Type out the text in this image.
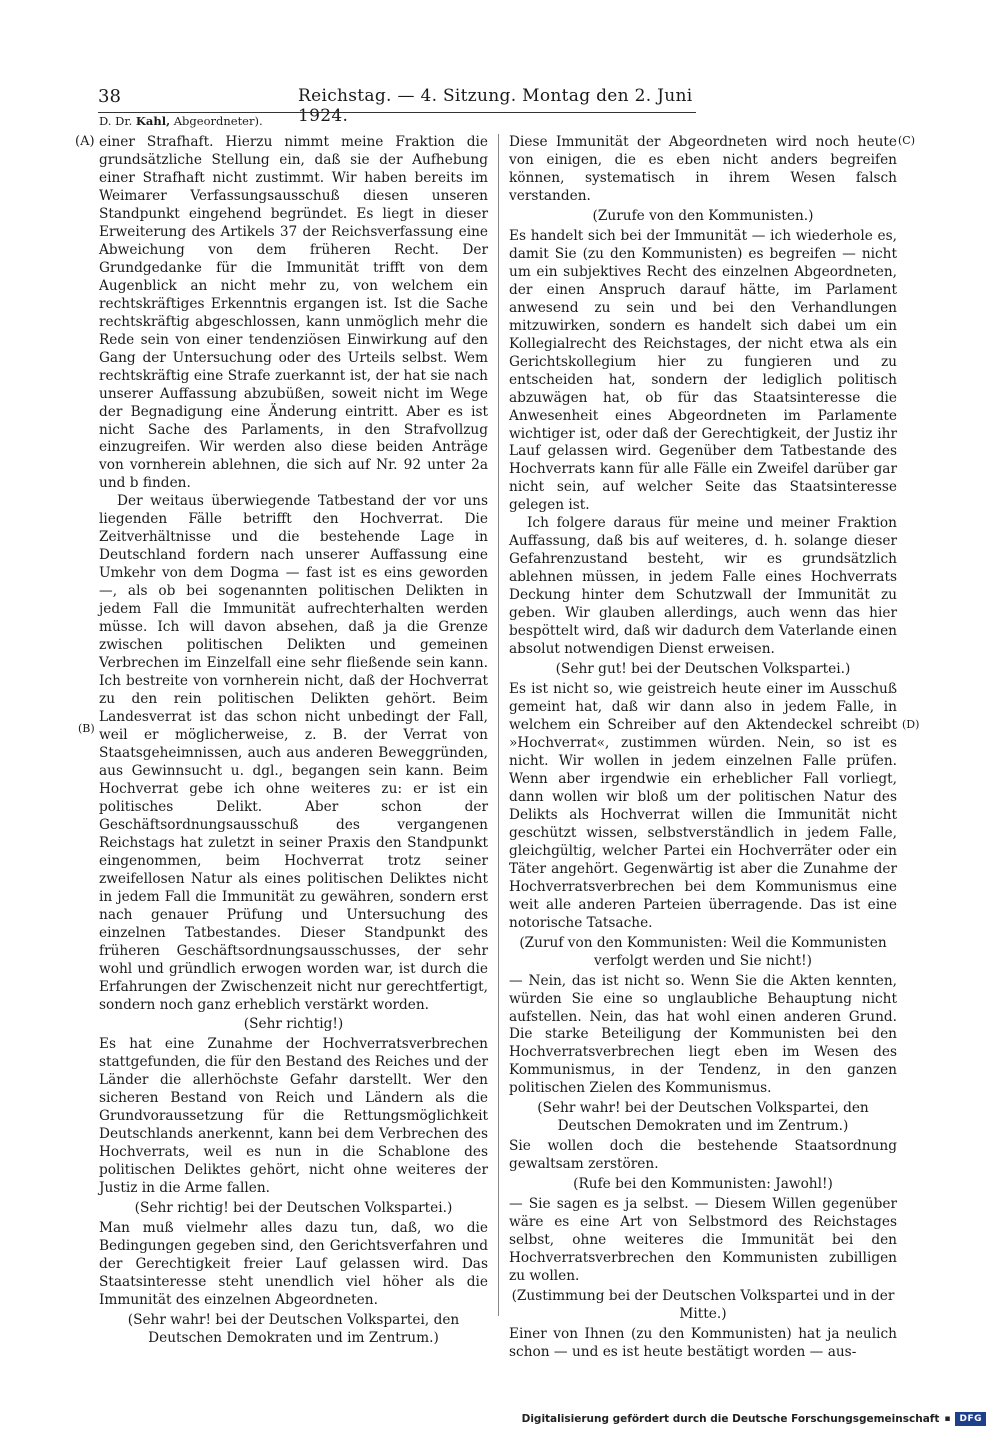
38	Reichstag. — 4. Sitzung. Montag den 2. Juni 1924.
D. Dr. Kahl, Abgeordneter).
(A)
(B)
(C)
(D)

einer Strafhaft. Hierzu nimmt meine Fraktion die grundsätzliche Stellung ein, daß sie der Aufhebung einer Strafhaft nicht zustimmt. Wir haben bereits im Weimarer Verfassungsausschuß diesen unseren Standpunkt eingehend begründet. Es liegt in dieser Erweiterung des Artikels 37 der Reichsverfassung eine Abweichung von dem früheren Recht. Der Grundgedanke für die Immunität trifft von dem Augenblick an nicht mehr zu, von welchem ein rechtskräftiges Erkenntnis ergangen ist. Ist die Sache rechtskräftig abgeschlossen, kann unmöglich mehr die Rede sein von einer tendenziösen Einwirkung auf den Gang der Untersuchung oder des Urteils selbst. Wem rechtskräftig eine Strafe zuerkannt ist, der hat sie nach unserer Auffassung abzubüßen, soweit nicht im Wege der Begnadigung eine Änderung eintritt. Aber es ist nicht Sache des Parlaments, in den Strafvollzug einzugreifen. Wir werden also diese beiden Anträge von vornherein ablehnen, die sich auf Nr. 92 unter 2a und b finden.

Der weitaus überwiegende Tatbestand der vor uns liegenden Fälle betrifft den Hochverrat. Die Zeitverhältnisse und die bestehende Lage in Deutschland fordern nach unserer Auffassung eine Umkehr von dem Dogma — fast ist es eins geworden —, als ob bei sogenannten politischen Delikten in jedem Fall die Immunität aufrechterhalten werden müsse. Ich will davon absehen, daß ja die Grenze zwischen politischen Delikten und gemeinen Verbrechen im Einzelfall eine sehr fließende sein kann. Ich bestreite von vornherein nicht, daß der Hochverrat zu den rein politischen Delikten gehört. Beim Landesverrat ist das schon nicht unbedingt der Fall, weil er möglicherweise, z. B. der Verrat von Staatsgeheimnissen, auch aus anderen Beweggründen, aus Gewinnsucht u. dgl., begangen sein kann. Beim Hochverrat gebe ich ohne weiteres zu: er ist ein politisches Delikt. Aber schon der Geschäftsordnungsausschuß des vergangenen Reichstags hat zuletzt in seiner Praxis den Standpunkt eingenommen, beim Hochverrat trotz seiner zweifellosen Natur als eines politischen Deliktes nicht in jedem Fall die Immunität zu gewähren, sondern erst nach genauer Prüfung und Untersuchung des einzelnen Tatbestandes. Dieser Standpunkt des früheren Geschäftsordnungsausschusses, der sehr wohl und gründlich erwogen worden war, ist durch die Erfahrungen der Zwischenzeit nicht nur gerechtfertigt, sondern noch ganz erheblich verstärkt worden.

(Sehr richtig!)

Es hat eine Zunahme der Hochverratsverbrechen stattgefunden, die für den Bestand des Reiches und der Länder die allerhöchste Gefahr darstellt. Wer den sicheren Bestand von Reich und Ländern als die Grundvoraussetzung für die Rettungsmöglichkeit Deutschlands anerkennt, kann bei dem Verbrechen des Hochverrats, weil es nun in die Schablone des politischen Deliktes gehört, nicht ohne weiteres der Justiz in die Arme fallen.

(Sehr richtig! bei der Deutschen Volkspartei.)

Man muß vielmehr alles dazu tun, daß, wo die Bedingungen gegeben sind, den Gerichtsverfahren und der Gerechtigkeit freier Lauf gelassen wird. Das Staatsinteresse steht unendlich viel höher als die Immunität des einzelnen Abgeordneten.

(Sehr wahr! bei der Deutschen Volkspartei, den Deutschen Demokraten und im Zentrum.)

Diese Immunität der Abgeordneten wird noch heute von einigen, die es eben nicht anders begreifen können, systematisch in ihrem Wesen falsch verstanden.

(Zurufe von den Kommunisten.)

Es handelt sich bei der Immunität — ich wiederhole es, damit Sie (zu den Kommunisten) es begreifen — nicht um ein subjektives Recht des einzelnen Abgeordneten, der einen Anspruch darauf hätte, im Parlament anwesend zu sein und bei den Verhandlungen mitzuwirken, sondern es handelt sich dabei um ein Kollegialrecht des Reichstages, der nicht etwa als ein Gerichtskollegium hier zu fungieren und zu entscheiden hat, sondern der lediglich politisch abzuwägen hat, ob für das Staatsinteresse die Anwesenheit eines Abgeordneten im Parlamente wichtiger ist, oder daß der Gerechtigkeit, der Justiz ihr Lauf gelassen wird. Gegenüber dem Tatbestande des Hochverrats kann für alle Fälle ein Zweifel darüber gar nicht sein, auf welcher Seite das Staatsinteresse gelegen ist.

Ich folgere daraus für meine und meiner Fraktion Auffassung, daß bis auf weiteres, d. h. solange dieser Gefahrenzustand besteht, wir es grundsätzlich ablehnen müssen, in jedem Falle eines Hochverrats Deckung hinter dem Schutzwall der Immunität zu geben. Wir glauben allerdings, auch wenn das hier bespöttelt wird, daß wir dadurch dem Vaterlande einen absolut notwendigen Dienst erweisen.

(Sehr gut! bei der Deutschen Volkspartei.)

Es ist nicht so, wie geistreich heute einer im Ausschuß gemeint hat, daß wir dann also in jedem Falle, in welchem ein Schreiber auf den Aktendeckel schreibt »Hochverrat«, zustimmen würden. Nein, so ist es nicht. Wir wollen in jedem einzelnen Falle prüfen. Wenn aber irgendwie ein erheblicher Fall vorliegt, dann wollen wir bloß um der politischen Natur des Delikts als Hochverrat willen die Immunität nicht geschützt wissen, selbstverständlich in jedem Falle, gleichgültig, welcher Partei ein Hochverräter oder ein Täter angehört. Gegenwärtig ist aber die Zunahme der Hochverratsverbrechen bei dem Kommunismus eine weit alle anderen Parteien überragende. Das ist eine notorische Tatsache.

(Zuruf von den Kommunisten: Weil die Kommunisten verfolgt werden und Sie nicht!)

— Nein, das ist nicht so. Wenn Sie die Akten kennten, würden Sie eine so unglaubliche Behauptung nicht aufstellen. Nein, das hat wohl einen anderen Grund. Die starke Beteiligung der Kommunisten bei den Hochverratsverbrechen liegt eben im Wesen des Kommunismus, in der Tendenz, in den ganzen politischen Zielen des Kommunismus.

(Sehr wahr! bei der Deutschen Volkspartei, den Deutschen Demokraten und im Zentrum.)

Sie wollen doch die bestehende Staatsordnung gewaltsam zerstören.

(Rufe bei den Kommunisten: Jawohl!)

— Sie sagen es ja selbst. — Diesem Willen gegenüber wäre es eine Art von Selbstmord des Reichstages selbst, ohne weiteres die Immunität bei den Hochverratsverbrechen den Kommunisten zubilligen zu wollen.

(Zustimmung bei der Deutschen Volkspartei und in der Mitte.)

Einer von Ihnen (zu den Kommunisten) hat ja neulich schon — und es ist heute bestätigt worden — aus-

Digitalisierung gefördert durch die Deutsche Forschungsgemeinschaft ▪	DFG
